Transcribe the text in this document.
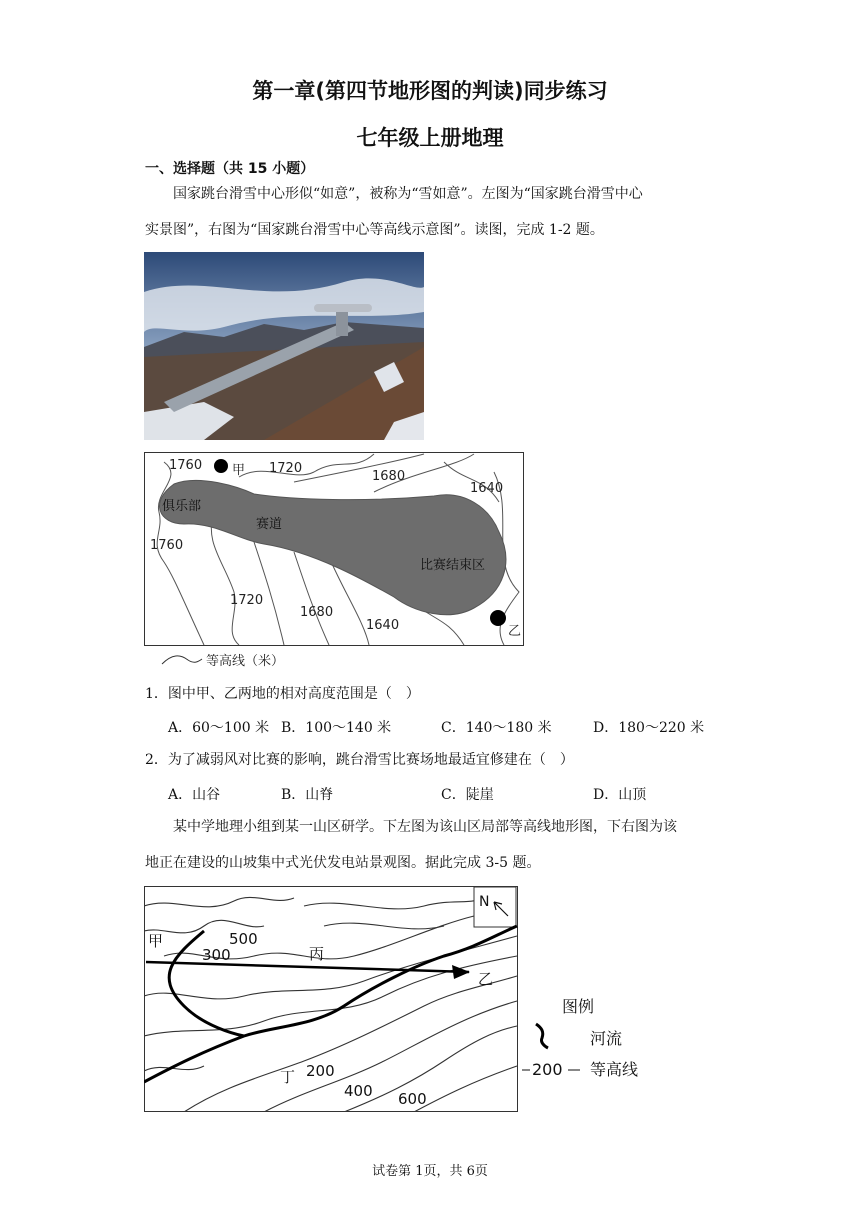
第一章(第四节地形图的判读)同步练习
七年级上册地理
一、选择题（共 15 小题）
国家跳台滑雪中心形似“如意”，被称为“雪如意”。左图为“国家跳台滑雪中心
实景图”，右图为“国家跳台滑雪中心等高线示意图”。读图，完成 1-2 题。
1760 甲 1720
1680
1640
俱乐部
赛道
1760
比赛结束区
1720
1680
1640	乙
等高线（米）
1．图中甲、乙两地的相对高度范围是（　）
A．60～100 米 B．100～140 米	C．140～180 米	D．180～220 米
2．为了减弱风对比赛的影响，跳台滑雪比赛场地最适宜修建在（　）
A．山谷	B．山脊	C．陡崖	D．山顶
某中学地理小组到某一山区研学。下左图为该山区局部等高线地形图，下右图为该
地正在建设的山坡集中式光伏发电站景观图。据此完成 3-5 题。
N
甲	500
300	丙
乙
丁 200
400 600
图例
河流
200 等高线
试卷第 1页，共 6页
